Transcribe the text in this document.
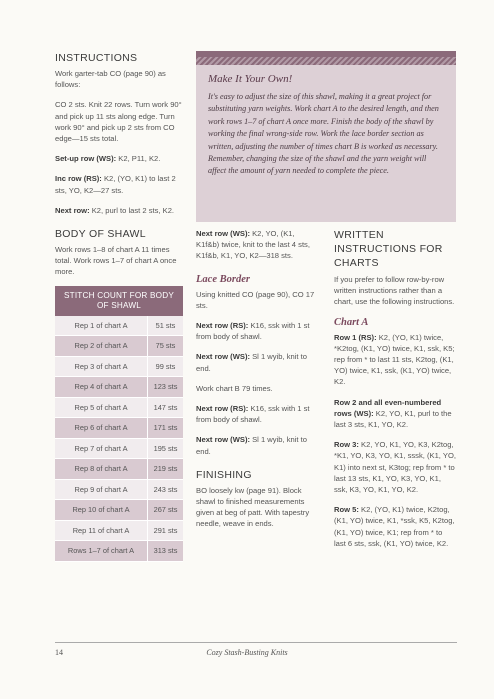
INSTRUCTIONS

Work garter-tab CO (page 90) as follows:

CO 2 sts. Knit 22 rows. Turn work 90° and pick up 11 sts along edge. Turn work 90° and pick up 2 sts from CO edge—15 sts total.

Set-up row (WS): K2, P11, K2.

Inc row (RS): K2, (YO, K1) to last 2 sts, YO, K2—27 sts.

Next row: K2, purl to last 2 sts, K2.

BODY OF SHAWL

Work rows 1–8 of chart A 11 times total. Work rows 1–7 of chart A once more.

STITCH COUNT FOR BODY OF SHAWL	
Rep 1 of chart A	51 sts
Rep 2 of chart A	75 sts
Rep 3 of chart A	99 sts
Rep 4 of chart A	123 sts
Rep 5 of chart A	147 sts
Rep 6 of chart A	171 sts
Rep 7 of chart A	195 sts
Rep 8 of chart A	219 sts
Rep 9 of chart A	243 sts
Rep 10 of chart A	267 sts
Rep 11 of chart A	291 sts
Rows 1–7 of chart A	313 sts
Make It Your Own!

It's easy to adjust the size of this shawl, making it a great project for substituting yarn weights. Work chart A to the desired length, and then work rows 1–7 of chart A once more. Finish the body of the shawl by working the final wrong-side row. Work the lace border section as written, adjusting the number of times chart B is worked as necessary. Remember, changing the size of the shawl and the yarn weight will affect the amount of yarn needed to complete the piece.

Next row (WS): K2, YO, (K1, K1f&b) twice, knit to the last 4 sts, K1f&b, K1, YO, K2—318 sts.

Lace Border

Using knitted CO (page 90), CO 17 sts.

Next row (RS): K16, ssk with 1 st from body of shawl.

Next row (WS): Sl 1 wyib, knit to end.

Work chart B 79 times.

Next row (RS): K16, ssk with 1 st from body of shawl.

Next row (WS): Sl 1 wyib, knit to end.

FINISHING

BO loosely kw (page 91). Block shawl to finished measurements given at beg of patt. With tapestry needle, weave in ends.

WRITTEN INSTRUCTIONS FOR CHARTS

If you prefer to follow row-by-row written instructions rather than a chart, use the following instructions.

Chart A

Row 1 (RS): K2, (YO, K1) twice, *K2tog, (K1, YO) twice, K1, ssk, K5; rep from * to last 11 sts, K2tog, (K1, YO) twice, K1, ssk, (K1, YO) twice, K2.

Row 2 and all even-numbered rows (WS): K2, YO, K1, purl to the last 3 sts, K1, YO, K2.

Row 3: K2, YO, K1, YO, K3, K2tog, *K1, YO, K3, YO, K1, sssk, (K1, YO, K1) into next st, K3tog; rep from * to last 13 sts, K1, YO, K3, YO, K1, ssk, K3, YO, K1, YO, K2.

Row 5: K2, (YO, K1) twice, K2tog, (K1, YO) twice, K1, *ssk, K5, K2tog, (K1, YO) twice, K1; rep from * to last 6 sts, ssk, (K1, YO) twice, K2.

14	Cozy Stash-Busting Knits
